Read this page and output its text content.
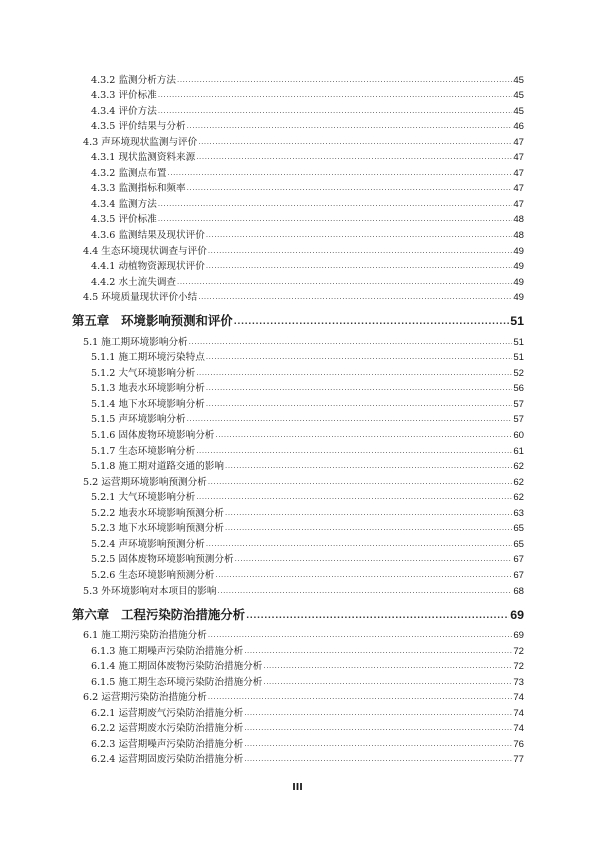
4.3.2 监测分析方法 .....	45
4.3.3 评价标准 .....	45
4.3.4 评价方法 .....	45
4.3.5 评价结果与分析 .....	46
4.3 声环境现状监测与评价 .....	47
4.3.1 现状监测资料来源 .....	47
4.3.2 监测点布置 .....	47
4.3.3 监测指标和频率 .....	47
4.3.4 监测方法 .....	47
4.3.5 评价标准 .....	48
4.3.6 监测结果及现状评价 .....	48
4.4 生态环境现状调查与评价 .....	49
4.4.1 动植物资源现状评价 .....	49
4.4.2 水土流失调查 .....	49
4.5 环境质量现状评价小结 .....	49
第五章 环境影响预测和评价 .....	51
5.1 施工期环境影响分析 .....	51
5.1.1 施工期环境污染特点 .....	51
5.1.2 大气环境影响分析 .....	52
5.1.3 地表水环境影响分析 .....	56
5.1.4 地下水环境影响分析 .....	57
5.1.5 声环境影响分析 .....	57
5.1.6 固体废物环境影响分析 .....	60
5.1.7 生态环境影响分析 .....	61
5.1.8 施工期对道路交通的影响 .....	62
5.2 运营期环境影响预测分析 .....	62
5.2.1 大气环境影响分析 .....	62
5.2.2 地表水环境影响预测分析 .....	63
5.2.3 地下水环境影响预测分析 .....	65
5.2.4 声环境影响预测分析 .....	65
5.2.5 固体废物环境影响预测分析 .....	67
5.2.6 生态环境影响预测分析 .....	67
5.3 外环境影响对本项目的影响 .....	68
第六章 工程污染防治措施分析 .....	69
6.1 施工期污染防治措施分析 .....	69
6.1.3 施工期噪声污染防治措施分析 .....	72
6.1.4 施工期固体废物污染防治措施分析 .....	72
6.1.5 施工期生态环境污染防治措施分析 .....	73
6.2 运营期污染防治措施分析 .....	74
6.2.1 运营期废气污染防治措施分析 .....	74
6.2.2 运营期废水污染防治措施分析 .....	74
6.2.3 运营期噪声污染防治措施分析 .....	76
6.2.4 运营期固废污染防治措施分析 .....	77
III
